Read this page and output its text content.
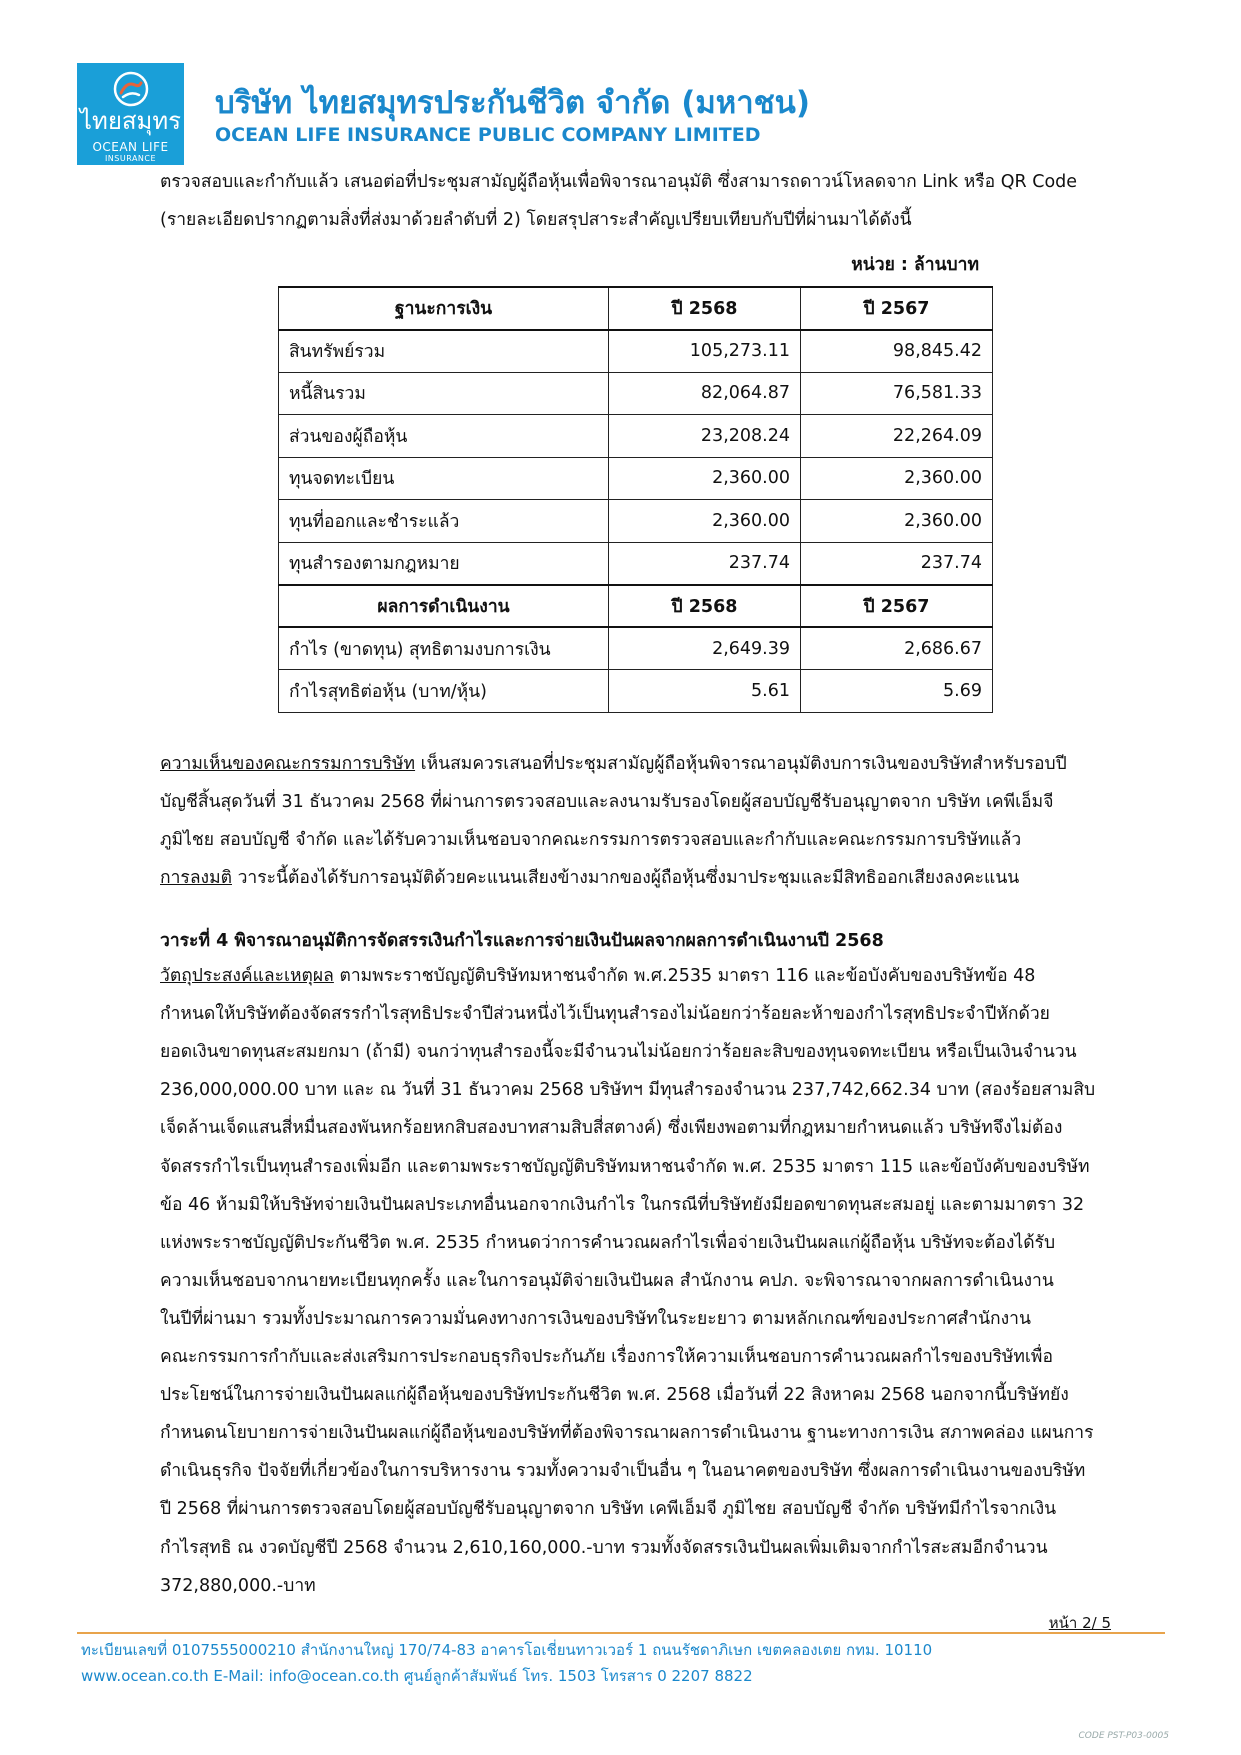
ไทยสมุทร
OCEAN LIFE
INSURANCE
บริษัท ไทยสมุทรประกันชีวิต จำกัด (มหาชน)
OCEAN LIFE INSURANCE PUBLIC COMPANY LIMITED
ตรวจสอบและกำกับแล้ว เสนอต่อที่ประชุมสามัญผู้ถือหุ้นเพื่อพิจารณาอนุมัติ ซึ่งสามารถดาวน์โหลดจาก Link หรือ QR Code
(รายละเอียดปรากฏตามสิ่งที่ส่งมาด้วยลำดับที่ 2) โดยสรุปสาระสำคัญเปรียบเทียบกับปีที่ผ่านมาได้ดังนี้
หน่วย : ล้านบาท
ฐานะการเงิน	ปี 2568	ปี 2567
สินทรัพย์รวม	105,273.11	98,845.42
หนี้สินรวม	82,064.87	76,581.33
ส่วนของผู้ถือหุ้น	23,208.24	22,264.09
ทุนจดทะเบียน	2,360.00	2,360.00
ทุนที่ออกและชำระแล้ว	2,360.00	2,360.00
ทุนสำรองตามกฎหมาย	237.74	237.74
ผลการดำเนินงาน	ปี 2568	ปี 2567
กำไร (ขาดทุน) สุทธิตามงบการเงิน	2,649.39	2,686.67
กำไรสุทธิต่อหุ้น (บาท/หุ้น)	5.61	5.69
ความเห็นของคณะกรรมการบริษัท เห็นสมควรเสนอที่ประชุมสามัญผู้ถือหุ้นพิจารณาอนุมัติงบการเงินของบริษัทสำหรับรอบปี
บัญชีสิ้นสุดวันที่ 31 ธันวาคม 2568 ที่ผ่านการตรวจสอบและลงนามรับรองโดยผู้สอบบัญชีรับอนุญาตจาก บริษัท เคพีเอ็มจี
ภูมิไชย สอบบัญชี จำกัด และได้รับความเห็นชอบจากคณะกรรมการตรวจสอบและกำกับและคณะกรรมการบริษัทแล้ว
การลงมติ วาระนี้ต้องได้รับการอนุมัติด้วยคะแนนเสียงข้างมากของผู้ถือหุ้นซึ่งมาประชุมและมีสิทธิออกเสียงลงคะแนน
วาระที่ 4 พิจารณาอนุมัติการจัดสรรเงินกำไรและการจ่ายเงินปันผลจากผลการดำเนินงานปี 2568
วัตถุประสงค์และเหตุผล ตามพระราชบัญญัติบริษัทมหาชนจำกัด พ.ศ.2535 มาตรา 116 และข้อบังคับของบริษัทข้อ 48
กำหนดให้บริษัทต้องจัดสรรกำไรสุทธิประจำปีส่วนหนึ่งไว้เป็นทุนสำรองไม่น้อยกว่าร้อยละห้าของกำไรสุทธิประจำปีหักด้วย
ยอดเงินขาดทุนสะสมยกมา (ถ้ามี) จนกว่าทุนสำรองนี้จะมีจำนวนไม่น้อยกว่าร้อยละสิบของทุนจดทะเบียน หรือเป็นเงินจำนวน
236,000,000.00 บาท และ ณ วันที่ 31 ธันวาคม 2568 บริษัทฯ มีทุนสำรองจำนวน 237,742,662.34 บาท (สองร้อยสามสิบ
เจ็ดล้านเจ็ดแสนสี่หมื่นสองพันหกร้อยหกสิบสองบาทสามสิบสี่สตางค์) ซึ่งเพียงพอตามที่กฎหมายกำหนดแล้ว บริษัทจึงไม่ต้อง
จัดสรรกำไรเป็นทุนสำรองเพิ่มอีก และตามพระราชบัญญัติบริษัทมหาชนจำกัด พ.ศ. 2535 มาตรา 115 และข้อบังคับของบริษัท
ข้อ 46 ห้ามมิให้บริษัทจ่ายเงินปันผลประเภทอื่นนอกจากเงินกำไร ในกรณีที่บริษัทยังมียอดขาดทุนสะสมอยู่ และตามมาตรา 32
แห่งพระราชบัญญัติประกันชีวิต พ.ศ. 2535 กำหนดว่าการคำนวณผลกำไรเพื่อจ่ายเงินปันผลแก่ผู้ถือหุ้น บริษัทจะต้องได้รับ
ความเห็นชอบจากนายทะเบียนทุกครั้ง และในการอนุมัติจ่ายเงินปันผล สำนักงาน คปภ. จะพิจารณาจากผลการดำเนินงาน
ในปีที่ผ่านมา รวมทั้งประมาณการความมั่นคงทางการเงินของบริษัทในระยะยาว ตามหลักเกณฑ์ของประกาศสำนักงาน
คณะกรรมการกำกับและส่งเสริมการประกอบธุรกิจประกันภัย เรื่องการให้ความเห็นชอบการคำนวณผลกำไรของบริษัทเพื่อ
ประโยชน์ในการจ่ายเงินปันผลแก่ผู้ถือหุ้นของบริษัทประกันชีวิต พ.ศ. 2568 เมื่อวันที่ 22 สิงหาคม 2568 นอกจากนี้บริษัทยัง
กำหนดนโยบายการจ่ายเงินปันผลแก่ผู้ถือหุ้นของบริษัทที่ต้องพิจารณาผลการดำเนินงาน ฐานะทางการเงิน สภาพคล่อง แผนการ
ดำเนินธุรกิจ ปัจจัยที่เกี่ยวข้องในการบริหารงาน รวมทั้งความจำเป็นอื่น ๆ ในอนาคตของบริษัท ซึ่งผลการดำเนินงานของบริษัท
ปี 2568 ที่ผ่านการตรวจสอบโดยผู้สอบบัญชีรับอนุญาตจาก บริษัท เคพีเอ็มจี ภูมิไชย สอบบัญชี จำกัด บริษัทมีกำไรจากเงิน
กำไรสุทธิ ณ งวดบัญชีปี 2568 จำนวน 2,610,160,000.-บาท รวมทั้งจัดสรรเงินปันผลเพิ่มเติมจากกำไรสะสมอีกจำนวน
372,880,000.-บาท
หน้า 2/ 5
ทะเบียนเลขที่ 0107555000210 สำนักงานใหญ่ 170/74-83 อาคารโอเชี่ยนทาวเวอร์ 1 ถนนรัชดาภิเษก เขตคลองเตย กทม. 10110
www.ocean.co.th E-Mail: info@ocean.co.th ศูนย์ลูกค้าสัมพันธ์ โทร. 1503 โทรสาร 0 2207 8822
CODE PST-P03-0005
